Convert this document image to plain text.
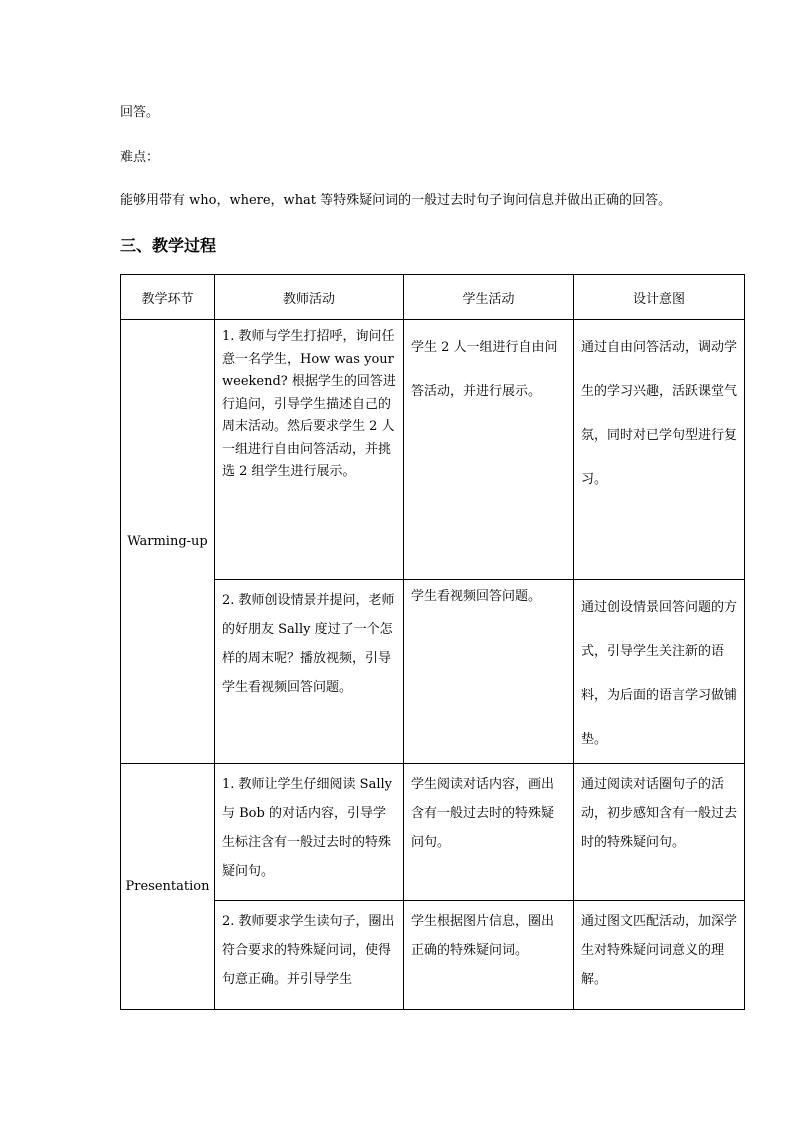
回答。

难点：

能够用带有 who，where，what 等特殊疑问词的一般过去时句子询问信息并做出正确的回答。

三、教学过程
教学环节	教师活动	学生活动	设计意图
Warming-up	1. 教师与学生打招呼，询问任意一名学生，How was your weekend? 根据学生的回答进行追问，引导学生描述自己的周末活动。然后要求学生 2 人一组进行自由问答活动，并挑选 2 组学生进行展示。	学生 2 人一组进行自由问答活动，并进行展示。	通过自由问答活动，调动学生的学习兴趣，活跃课堂气氛，同时对已学句型进行复习。

	2. 教师创设情景并提问，老师的好朋友 Sally 度过了一个怎样的周末呢？播放视频，引导学生看视频回答问题。	学生看视频回答问题。	通过创设情景回答问题的方式，引导学生关注新的语料，为后面的语言学习做铺垫。

Presentation	1. 教师让学生仔细阅读 Sally 与 Bob 的对话内容，引导学生标注含有一般过去时的特殊疑问句。	学生阅读对话内容，画出含有一般过去时的特殊疑问句。	通过阅读对话圈句子的活动，初步感知含有一般过去时的特殊疑问句。

	2. 教师要求学生读句子，圈出符合要求的特殊疑问词，使得句意正确。并引导学生	学生根据图片信息，圈出正确的特殊疑问词。	通过图文匹配活动，加深学生对特殊疑问词意义的理解。
